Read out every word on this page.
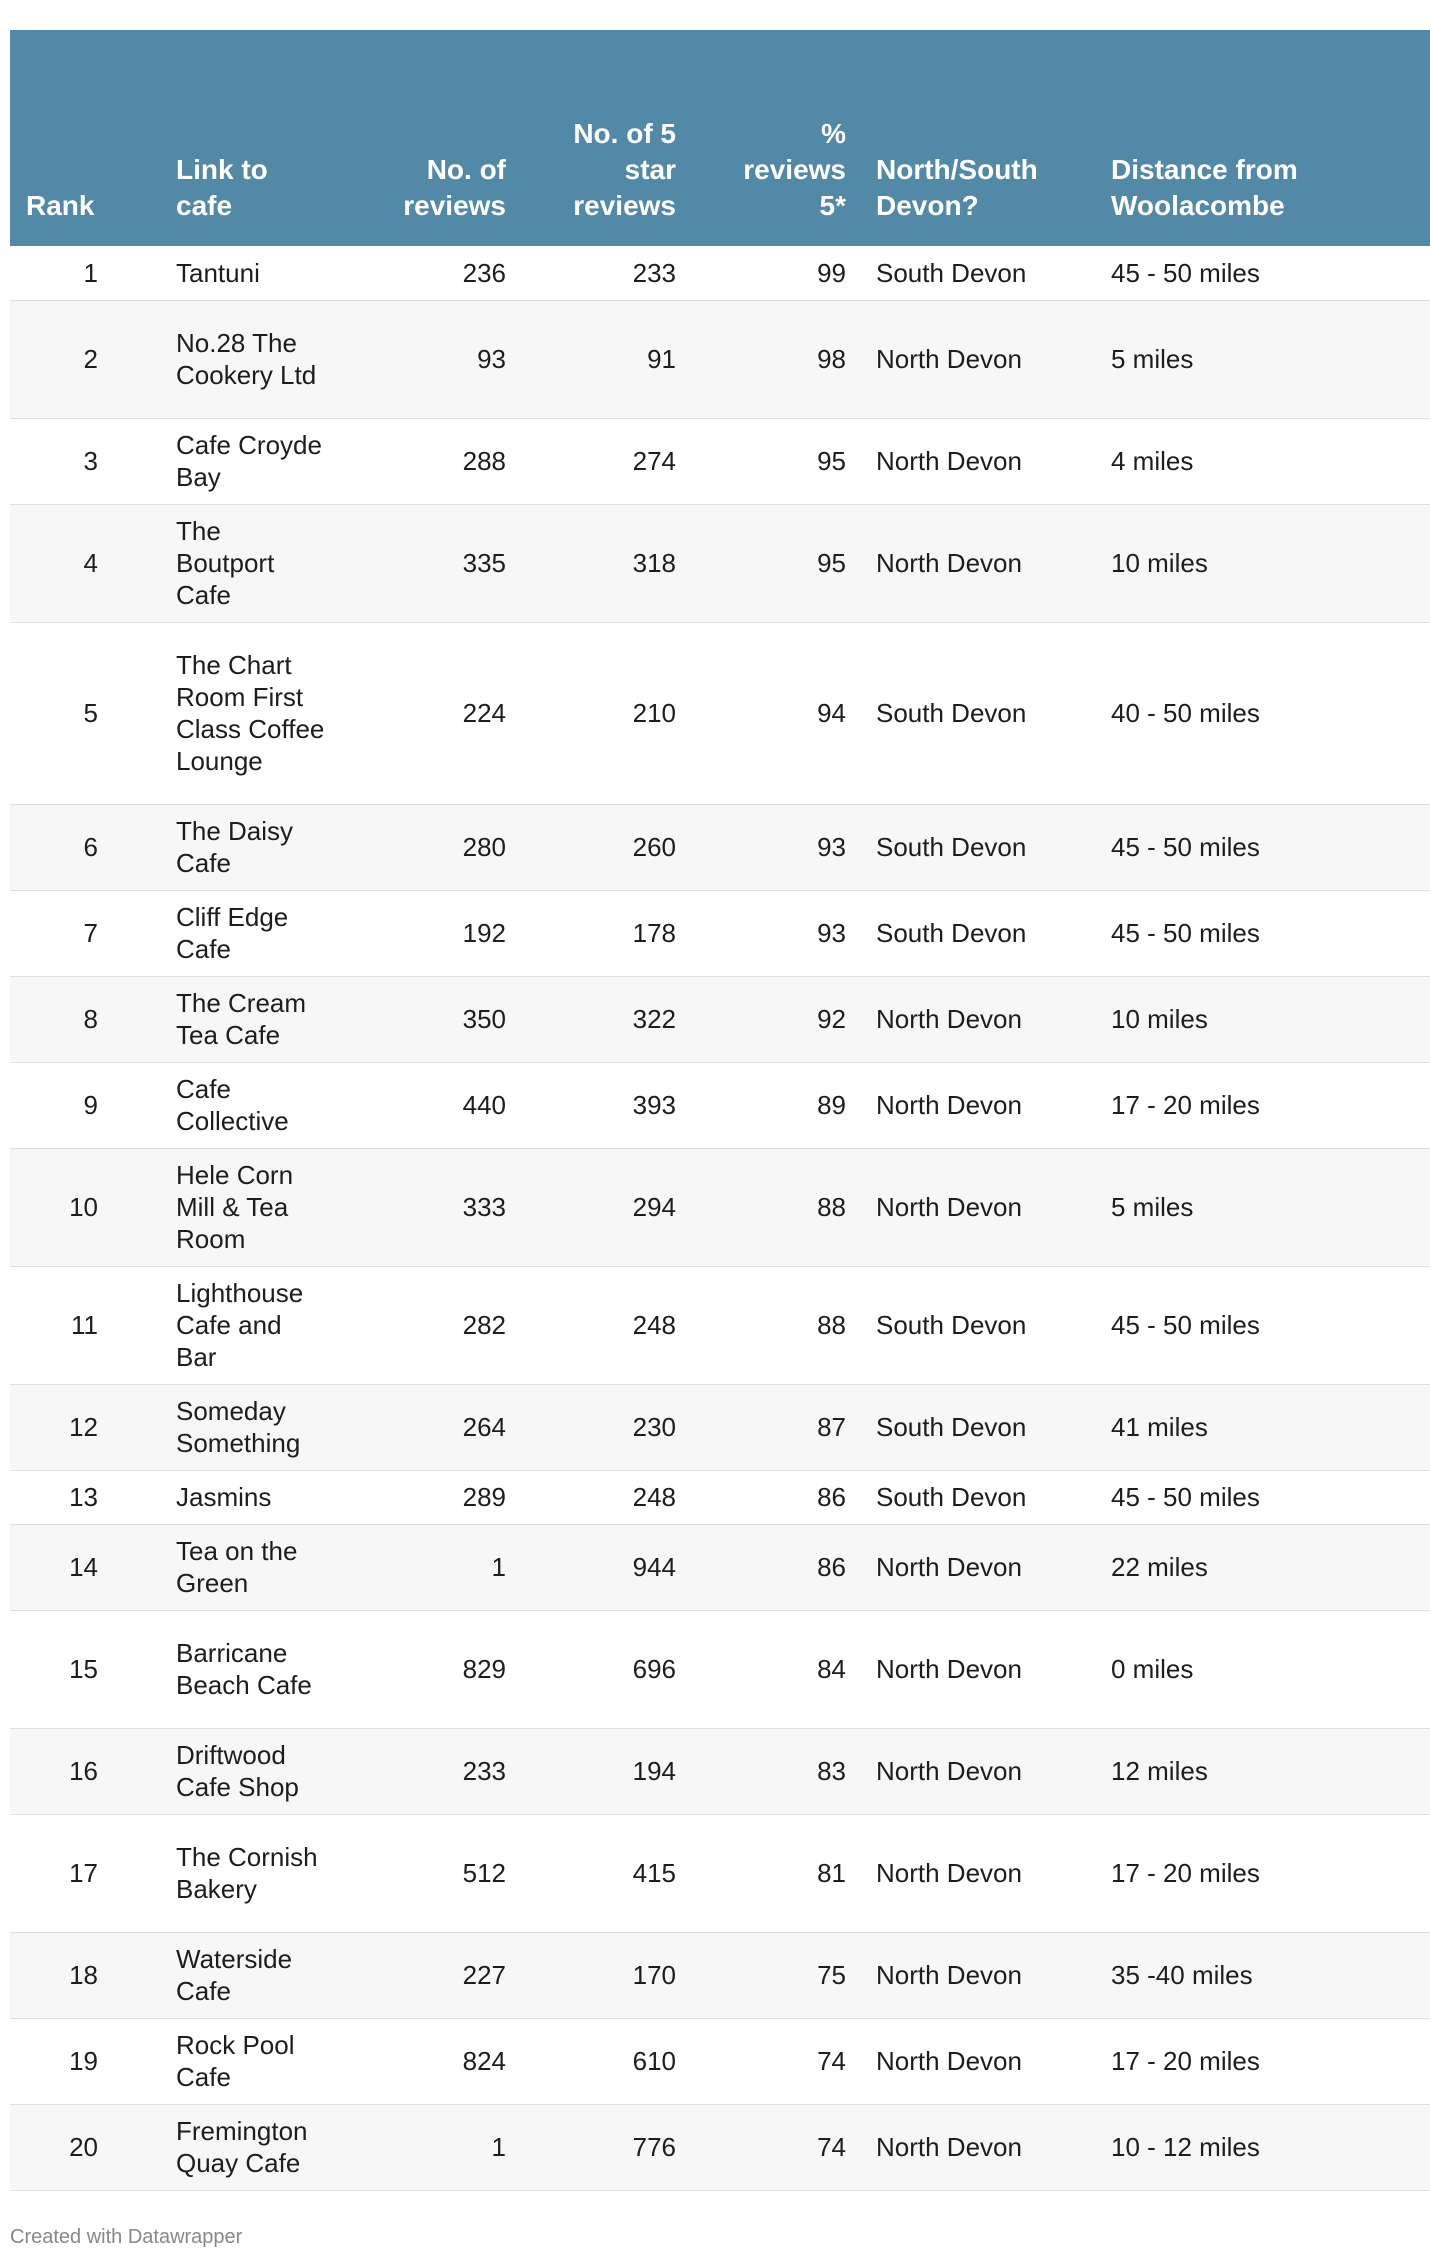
Rank	Link to cafe	No. of reviews	No. of 5 star reviews	% reviews 5*	North/South Devon?	Distance from Woolacombe
1	Tantuni	236	233	99	South Devon	45 - 50 miles
2	No.28 The Cookery Ltd	93	91	98	North Devon	5 miles
3	Cafe Croyde Bay	288	274	95	North Devon	4 miles
4	The Boutport Cafe	335	318	95	North Devon	10 miles
5	The Chart Room First Class Coffee Lounge	224	210	94	South Devon	40 - 50 miles
6	The Daisy Cafe	280	260	93	South Devon	45 - 50 miles
7	Cliff Edge Cafe	192	178	93	South Devon	45 - 50 miles
8	The Cream Tea Cafe	350	322	92	North Devon	10 miles
9	Cafe Collective	440	393	89	North Devon	17 - 20 miles
10	Hele Corn Mill & Tea Room	333	294	88	North Devon	5 miles
11	Lighthouse Cafe and Bar	282	248	88	South Devon	45 - 50 miles
12	Someday Something	264	230	87	South Devon	41 miles
13	Jasmins	289	248	86	South Devon	45 - 50 miles
14	Tea on the Green	1	944	86	North Devon	22 miles
15	Barricane Beach Cafe	829	696	84	North Devon	0 miles
16	Driftwood Cafe Shop	233	194	83	North Devon	12 miles
17	The Cornish Bakery	512	415	81	North Devon	17 - 20 miles
18	Waterside Cafe	227	170	75	North Devon	35 -40 miles
19	Rock Pool Cafe	824	610	74	North Devon	17 - 20 miles
20	Fremington Quay Cafe	1	776	74	North Devon	10 - 12 miles
Created with Datawrapper
